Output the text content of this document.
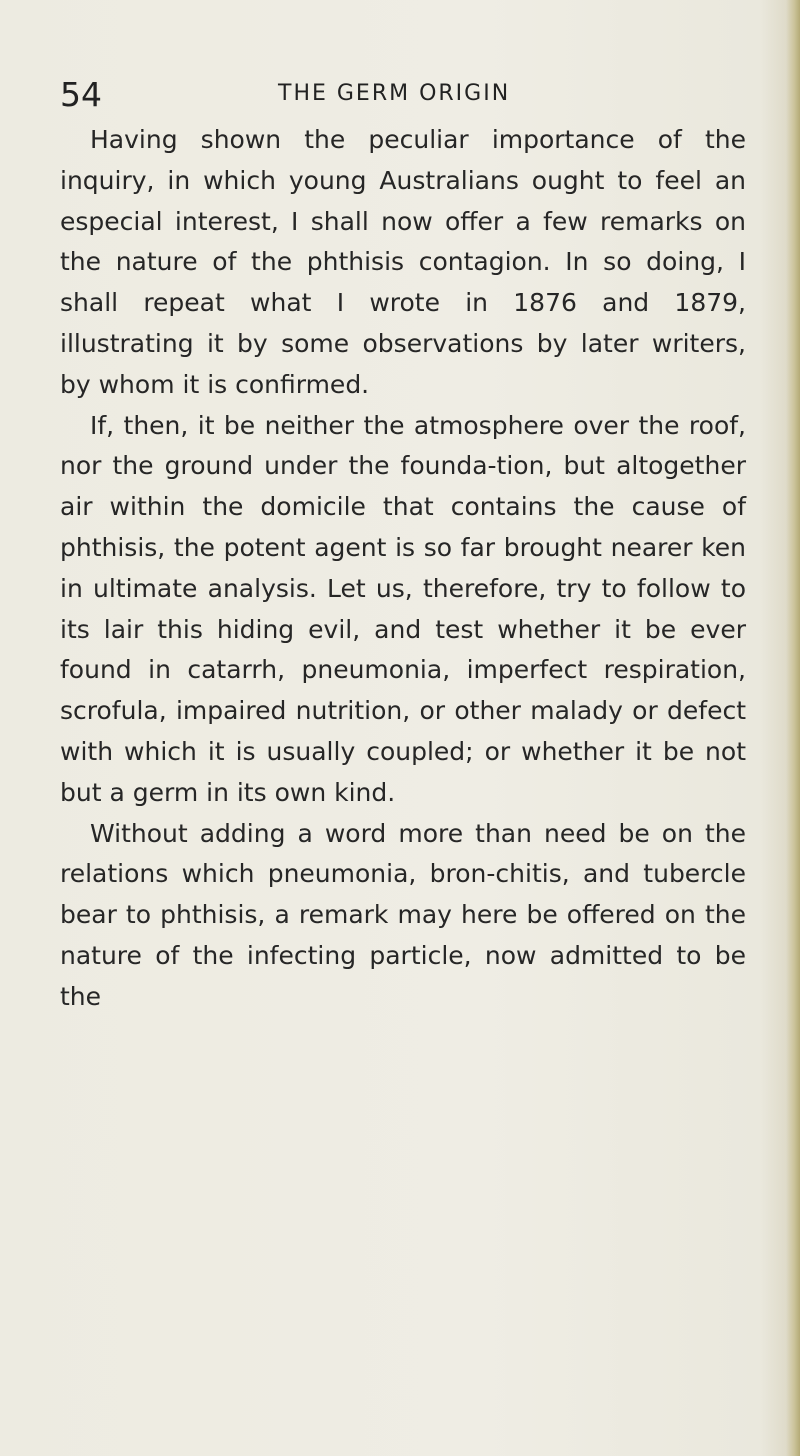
54	THE GERM ORIGIN

Having shown the peculiar importance of the inquiry, in which young Australians ought to feel an especial interest, I shall now offer a few remarks on the nature of the phthisis contagion. In so doing, I shall repeat what I wrote in 1876 and 1879, illustrating it by some observations by later writers, by whom it is confirmed.

If, then, it be neither the atmosphere over the roof, nor the ground under the founda-tion, but altogether air within the domicile that contains the cause of phthisis, the potent agent is so far brought nearer ken in ultimate analysis. Let us, therefore, try to follow to its lair this hiding evil, and test whether it be ever found in catarrh, pneumonia, imperfect respiration, scrofula, impaired nutrition, or other malady or defect with which it is usually coupled; or whether it be not but a germ in its own kind.

Without adding a word more than need be on the relations which pneumonia, bron-chitis, and tubercle bear to phthisis, a remark may here be offered on the nature of the infecting particle, now admitted to be the
